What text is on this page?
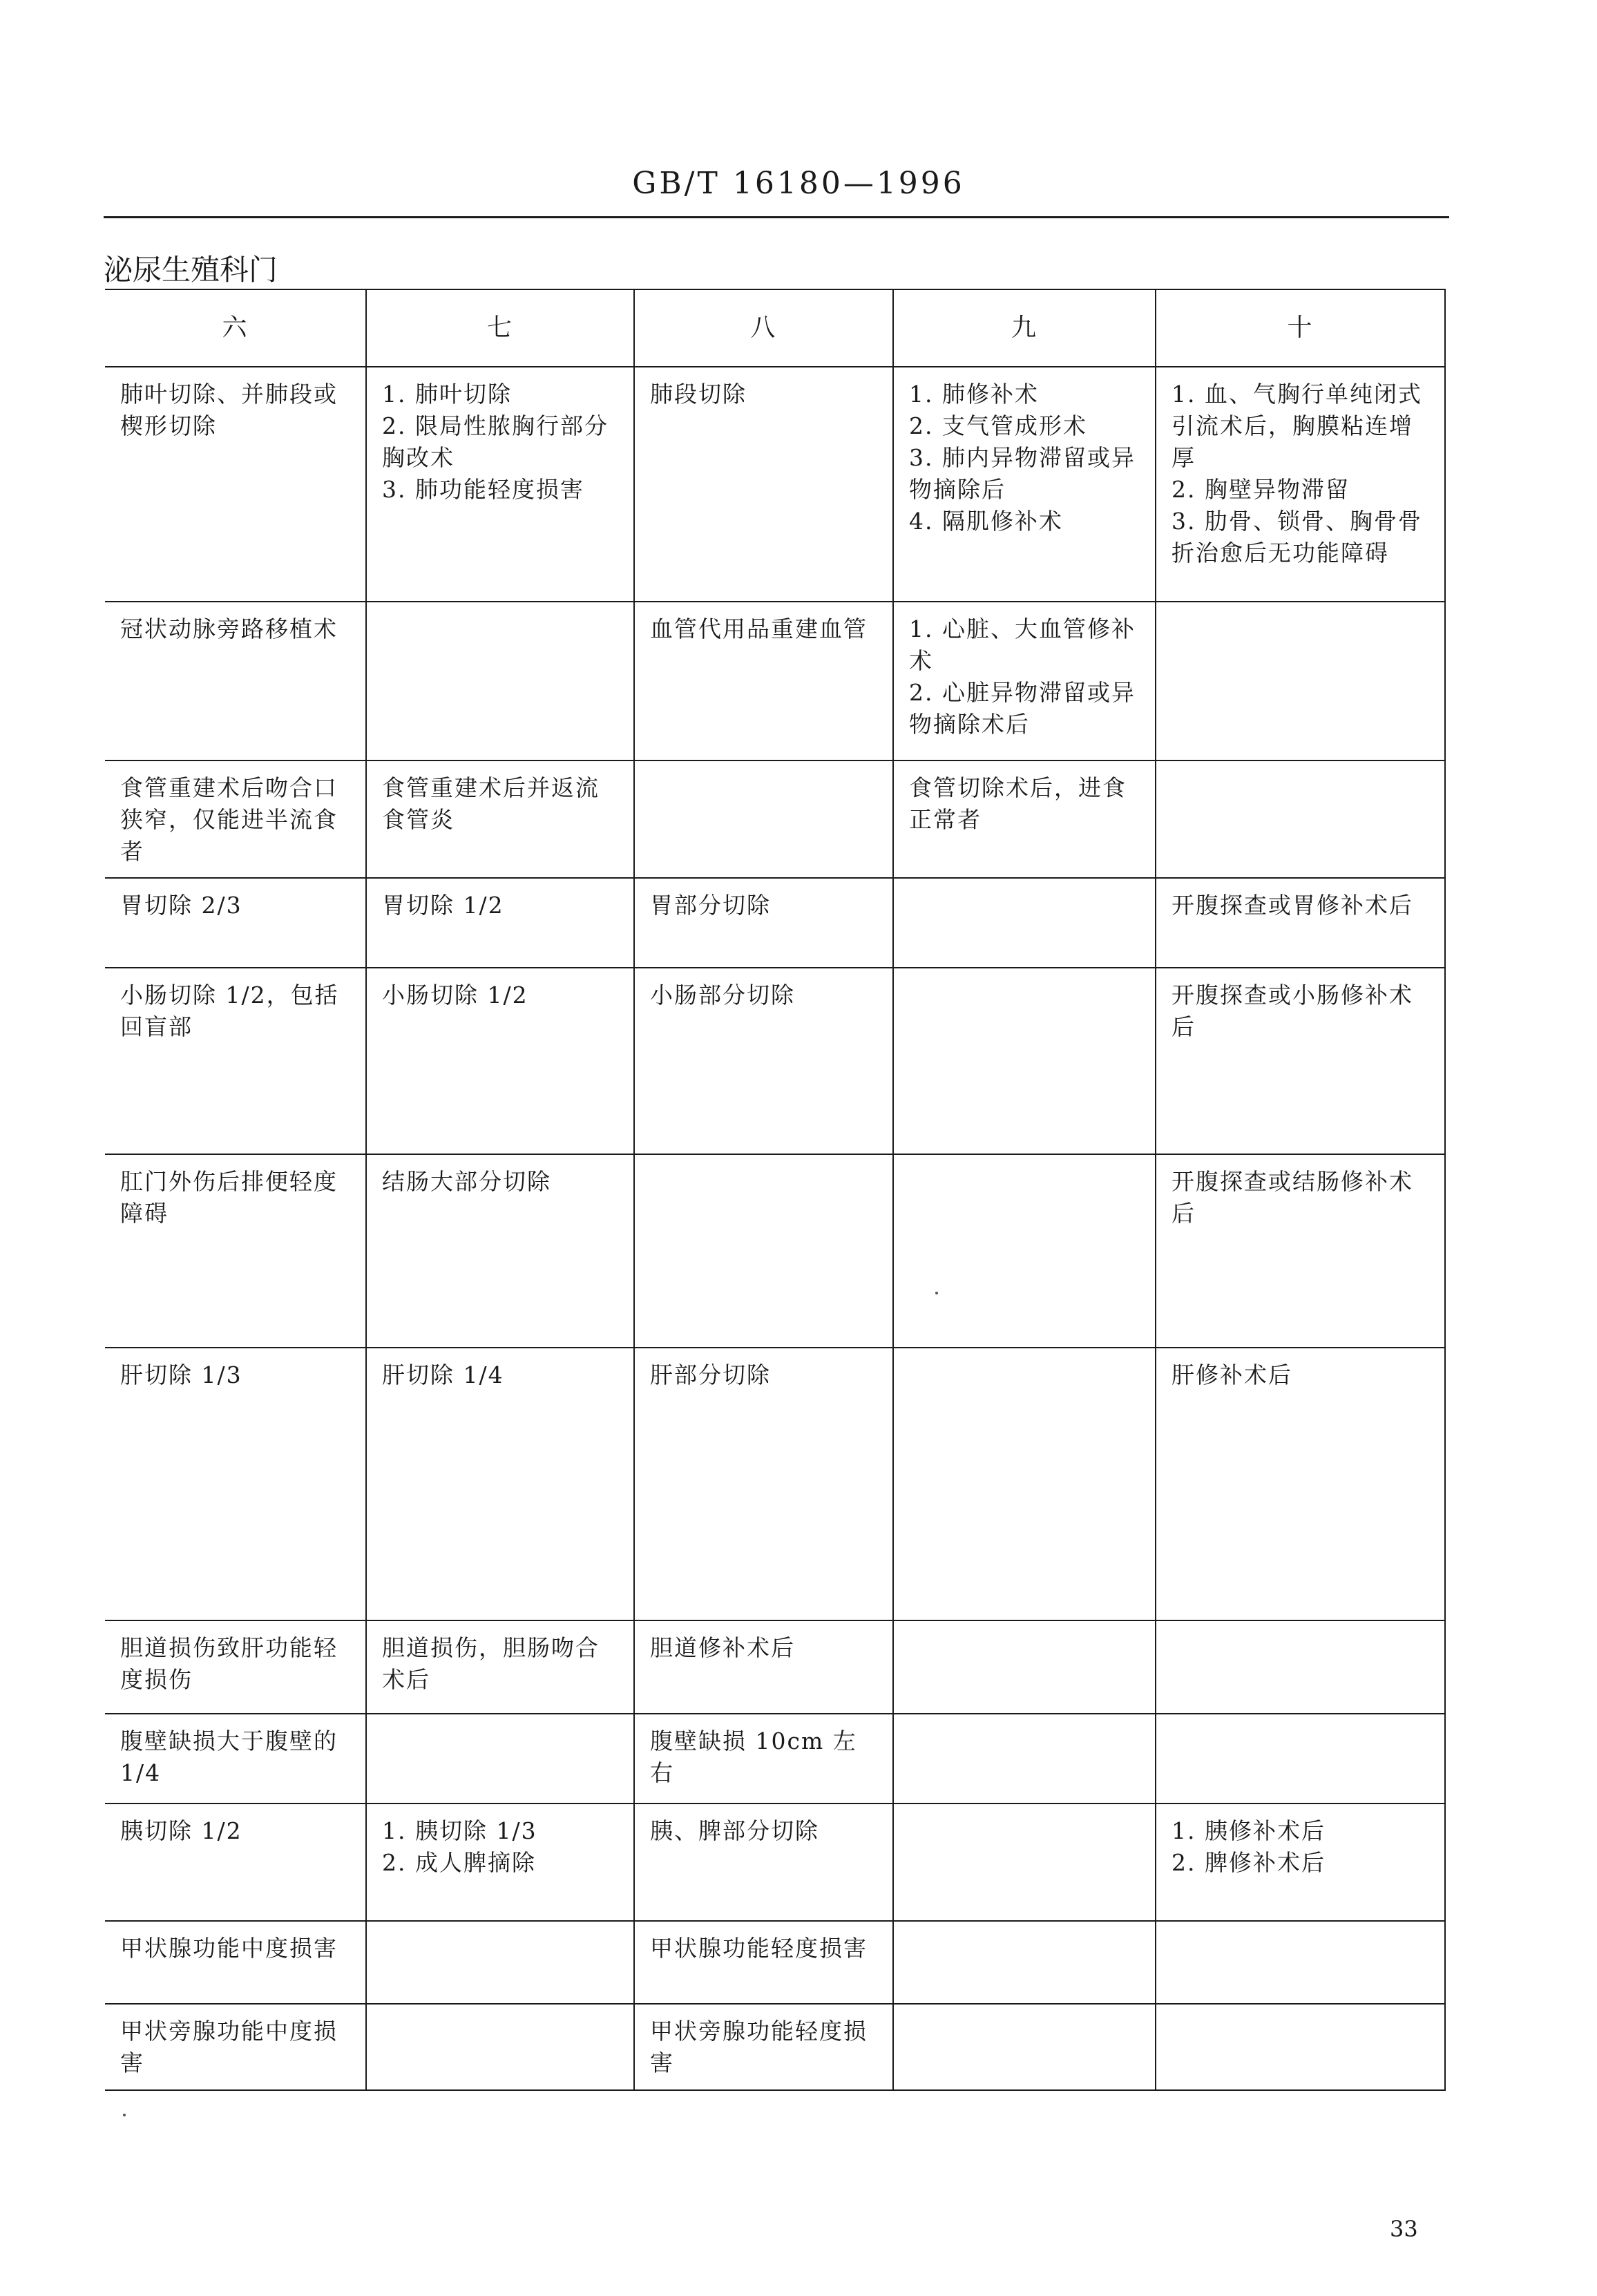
GB/T 16180—1996
泌尿生殖科门
六	七	八	九	十

肺叶切除、并肺段或楔形切除	1. 肺叶切除
2. 限局性脓胸行部分胸改术
3. 肺功能轻度损害	肺段切除	1. 肺修补术
2. 支气管成形术
3. 肺内异物滞留或异物摘除后
4. 隔肌修补术	1. 血、气胸行单纯闭式引流术后，胸膜粘连增厚
2. 胸壁异物滞留
3. 肋骨、锁骨、胸骨骨折治愈后无功能障碍

冠状动脉旁路移植术		血管代用品重建血管	1. 心脏、大血管修补术
2. 心脏异物滞留或异物摘除术后	

食管重建术后吻合口狭窄，仅能进半流食者	食管重建术后并返流食管炎		食管切除术后，进食正常者	

胃切除 2/3	胃切除 1/2	胃部分切除		开腹探查或胃修补术后

小肠切除 1/2，包括回盲部	小肠切除 1/2	小肠部分切除		开腹探查或小肠修补术后

肛门外伤后排便轻度障碍	结肠大部分切除			开腹探查或结肠修补术后

肝切除 1/3	肝切除 1/4	肝部分切除		肝修补术后

胆道损伤致肝功能轻度损伤	胆道损伤，胆肠吻合术后	胆道修补术后		

腹壁缺损大于腹壁的 1/4		腹壁缺损 10cm 左右		

胰切除 1/2	1. 胰切除 1/3
2. 成人脾摘除	胰、脾部分切除		1. 胰修补术后
2. 脾修补术后

甲状腺功能中度损害		甲状腺功能轻度损害		

甲状旁腺功能中度损害		甲状旁腺功能轻度损害		

33
